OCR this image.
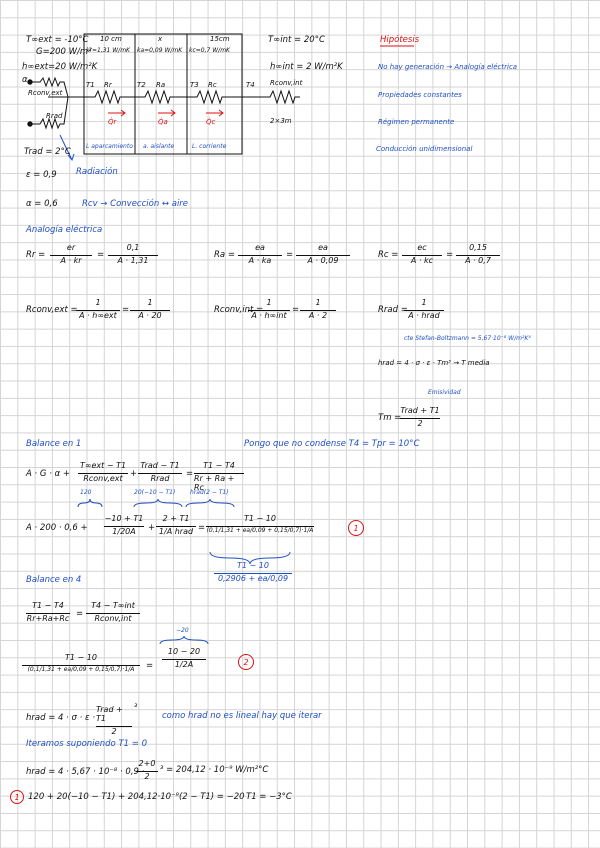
T∞ext = -10°C
G=200 W/m²
h∞ext=20 W/m²K
α
Rconv,ext
Rrad
Trad = 2°C
10 cm	x	15cm
kr=1,31 W/mK ka=0,09 W/mK kc=0,7 W/mK
Rr	Ra	Rc
T1	T2	T3
Q̇r	Q̇a	Q̇c
L aparcamiento a. aislante	L. corriente
T∞int = 20°C
h∞int = 2 W/m²K
T4 Rconv,int
2×3m
ε = 0,9 Radiación
α = 0,6	Rcv → Convección ↔ aire
Hipótesis
No hay generación → Analogía eléctrica
Propiedades constantes
Régimen permanente
Conducción unidimensional
Analogía eléctrica
Rr =
er
A · kr
=
0,1
A · 1,31
Ra =
ea
A · ka
=
ea
A · 0,09
Rc =
ec
A · kc
=
0,15
A · 0,7
Rconv,ext =
1
A · h∞ext
=
1
A · 20
Rconv,int =
1
A · h∞int
=
1
A · 2
Rrad =
1
A · hrad
cte Stefan-Boltzmann = 5,67·10⁻⁸ W/m²K⁴
hrad = 4 · σ · ε · Tm³ → T media
Emisividad
Tm =
Trad + T1
2
Balance en 1	Pongo que no condense T4 = Tpr = 10°C
A · G · α +
T∞ext − T1
Rconv,ext +
Trad − T1
Rrad =
T1 − T4
Rr + Ra + Rc
120	20(−10 − T1) hrad(2 − T1)
A · 200 · 0,6 +
−10 + T1
1/20A +
2 + T1
1/A hrad =
T1 − 10
(0,1/1,31 + ea/0,09 + 0,15/0,7)·1/A	1
T1 − 10
0,2906 + ea/0,09
Balance en 4
T1 − T4
Rr+Ra+Rc =
T4 − T∞int
Rconv,int
T1 − 10
(0,1/1,31 + ea/0,09 + 0,15/0,7)·1/A =
−20
10 − 20
1/2A	2
hrad = 4 · σ · ε ·
Trad + T1
2
³
como hrad no es lineal hay que iterar
Iteramos suponiendo T1 = 0
hrad = 4 · 5,67 · 10⁻⁸ · 0,9 ·
2+0
2
³ = 204,12 · 10⁻⁹ W/m²°C
1 120 + 20(−10 − T1) + 204,12·10⁻⁹(2 − T1) = −20 T1 = −3°C
